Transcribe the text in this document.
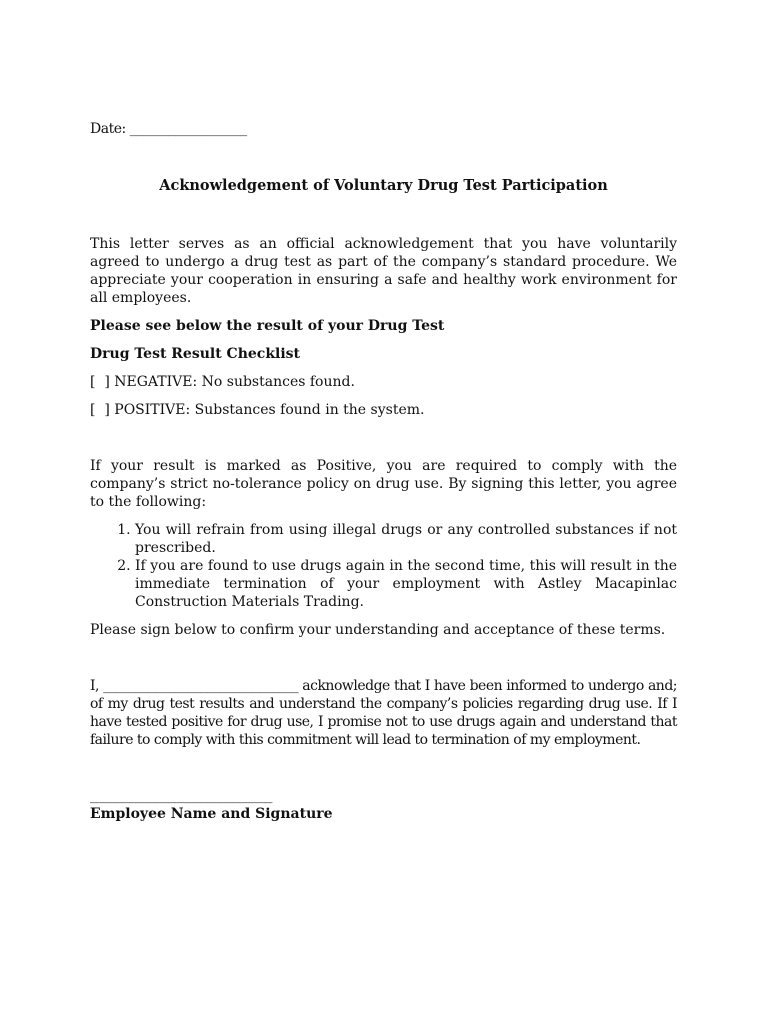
Date: __________________

Acknowledgement of Voluntary Drug Test Participation

This letter serves as an official acknowledgement that you have voluntarily agreed to undergo a drug test as part of the company’s standard procedure. We appreciate your cooperation in ensuring a safe and healthy work environment for all employees.

Please see below the result of your Drug Test

Drug Test Result Checklist

[  ] NEGATIVE: No substances found.

[  ] POSITIVE: Substances found in the system.

If your result is marked as Positive, you are required to comply with the company’s strict no-tolerance policy on drug use. By signing this letter, you agree to the following:

1. You will refrain from using illegal drugs or any controlled substances if not prescribed.
2. If you are found to use drugs again in the second time, this will result in the immediate termination of your employment with Astley Macapinlac Construction Materials Trading.

Please sign below to confirm your understanding and acceptance of these terms.

I, ______________________________ acknowledge that I have been informed to undergo and; of my drug test results and understand the company’s policies regarding drug use. If I have tested positive for drug use, I promise not to use drugs again and understand that failure to comply with this commitment will lead to termination of my employment.

____________________________

Employee Name and Signature
